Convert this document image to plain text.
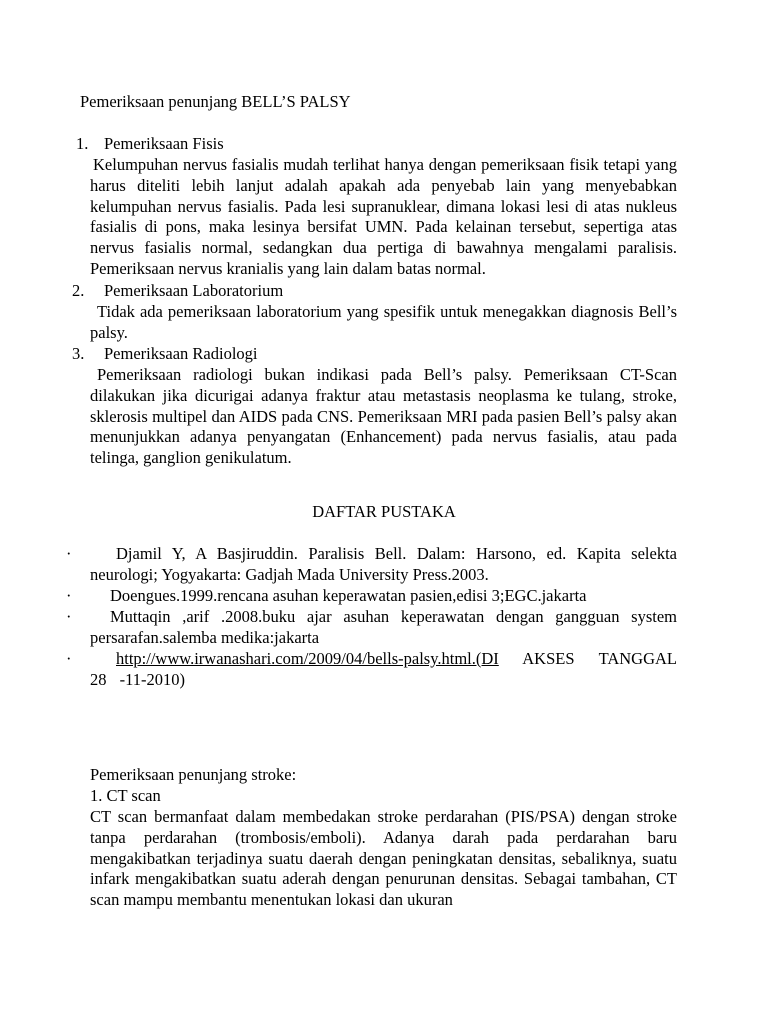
Pemeriksaan penunjang BELL’S PALSY
1. Pemeriksaan Fisis
Kelumpuhan nervus fasialis mudah terlihat hanya dengan pemeriksaan fisik tetapi yang harus diteliti lebih lanjut adalah apakah ada penyebab lain yang menyebabkan kelumpuhan nervus fasialis. Pada lesi supranuklear, dimana lokasi lesi di atas nukleus fasialis di pons, maka lesinya bersifat UMN. Pada kelainan tersebut, sepertiga atas nervus fasialis normal, sedangkan dua pertiga di bawahnya mengalami paralisis. Pemeriksaan nervus kranialis yang lain dalam batas normal.
2. Pemeriksaan Laboratorium
Tidak ada pemeriksaan laboratorium yang spesifik untuk menegakkan diagnosis Bell’s palsy.
3. Pemeriksaan Radiologi
Pemeriksaan radiologi bukan indikasi pada Bell’s palsy. Pemeriksaan CT-Scan dilakukan jika dicurigai adanya fraktur atau metastasis neoplasma ke tulang, stroke, sklerosis multipel dan AIDS pada CNS. Pemeriksaan MRI pada pasien Bell’s palsy akan menunjukkan adanya penyangatan (Enhancement) pada nervus fasialis, atau pada telinga, ganglion genikulatum.
DAFTAR PUSTAKA
·	Djamil Y, A Basjiruddin. Paralisis Bell. Dalam: Harsono, ed. Kapita selekta neurologi; Yogyakarta: Gadjah Mada University Press.2003.
·	Doengues.1999.rencana asuhan keperawatan pasien,edisi 3;EGC.jakarta
·	Muttaqin ,arif .2008.buku ajar asuhan keperawatan dengan gangguan system persarafan.salemba medika:jakarta
·	http://www.irwanashari.com/2009/04/bells-palsy.html.(DI AKSES TANGGAL 28 -11-2010)
Pemeriksaan penunjang stroke:
1. CT scan
CT scan bermanfaat dalam membedakan stroke perdarahan (PIS/PSA) dengan stroke tanpa perdarahan (trombosis/emboli). Adanya darah pada perdarahan baru mengakibatkan terjadinya suatu daerah dengan peningkatan densitas, sebaliknya, suatu infark mengakibatkan suatu aderah dengan penurunan densitas. Sebagai tambahan, CT scan mampu membantu menentukan lokasi dan ukuran
